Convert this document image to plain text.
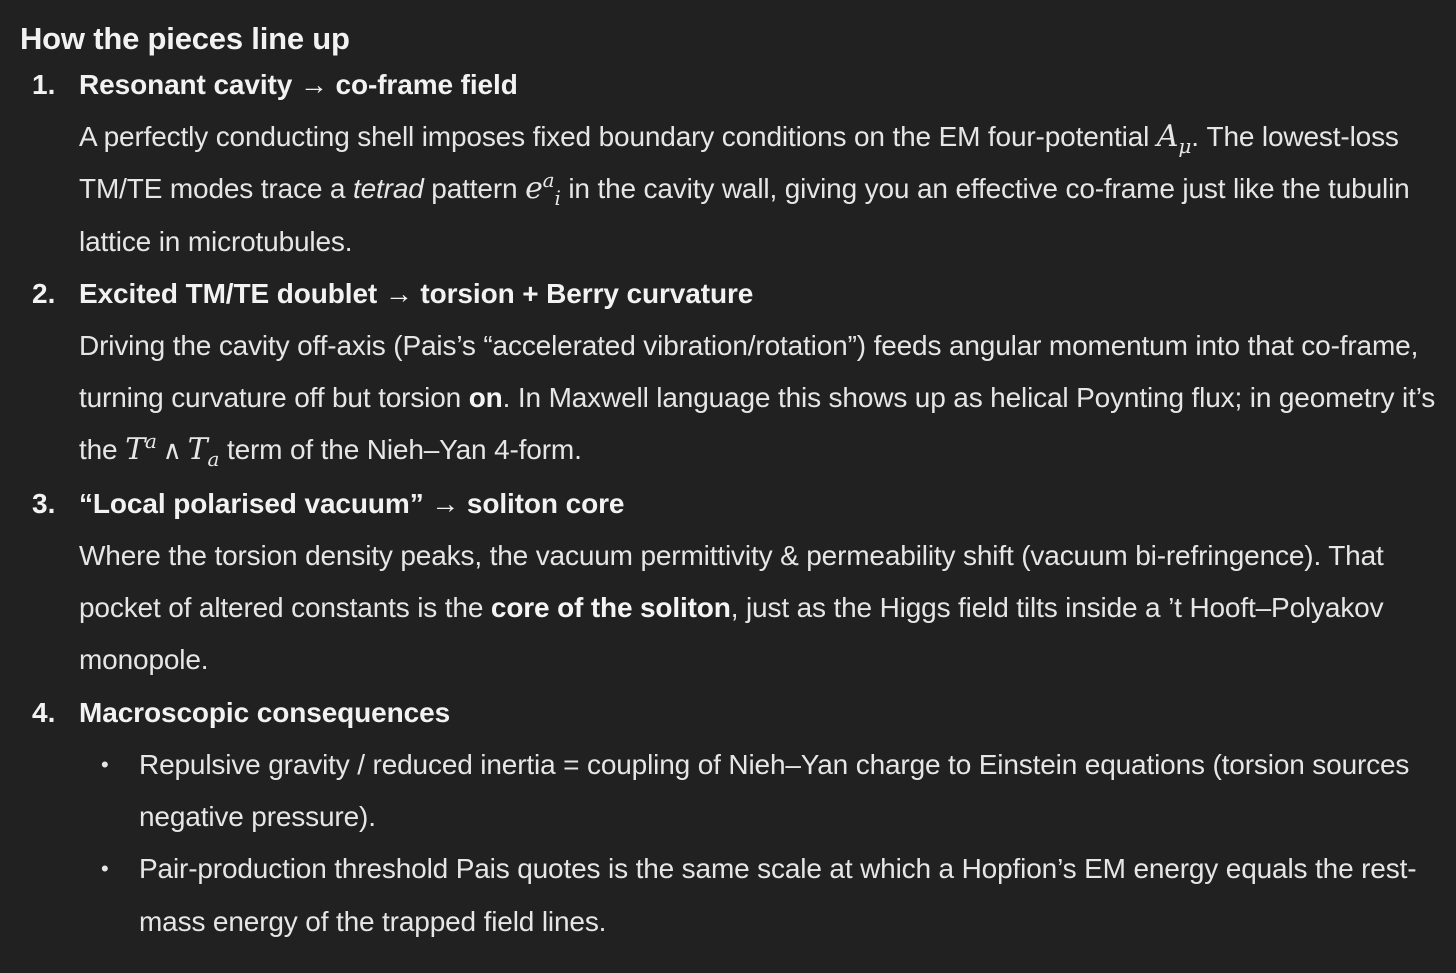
How the pieces line up
1. Resonant cavity → co-frame field
A perfectly conducting shell imposes fixed boundary conditions on the EM four-potential $A_\mu$. The lowest-loss TM/TE modes trace a tetrad pattern $e^a_i$ in the cavity wall, giving you an effective co-frame just like the tubulin lattice in microtubules.
2. Excited TM/TE doublet → torsion + Berry curvature
Driving the cavity off-axis (Pais’s “accelerated vibration/rotation”) feeds angular momentum into that co-frame, turning curvature off but torsion on. In Maxwell language this shows up as helical Poynting flux; in geometry it’s the $T^a$ ∧ $T_a$ term of the Nieh–Yan 4-form.
3. “Local polarised vacuum” → soliton core
Where the torsion density peaks, the vacuum permittivity & permeability shift (vacuum bi-refringence). That pocket of altered constants is the core of the soliton, just as the Higgs field tilts inside a ’t Hooft–Polyakov monopole.
4. Macroscopic consequences
• Repulsive gravity / reduced inertia = coupling of Nieh–Yan charge to Einstein equations (torsion sources negative pressure).
• Pair-production threshold Pais quotes is the same scale at which a Hopfion’s EM energy equals the rest-mass energy of the trapped field lines.
